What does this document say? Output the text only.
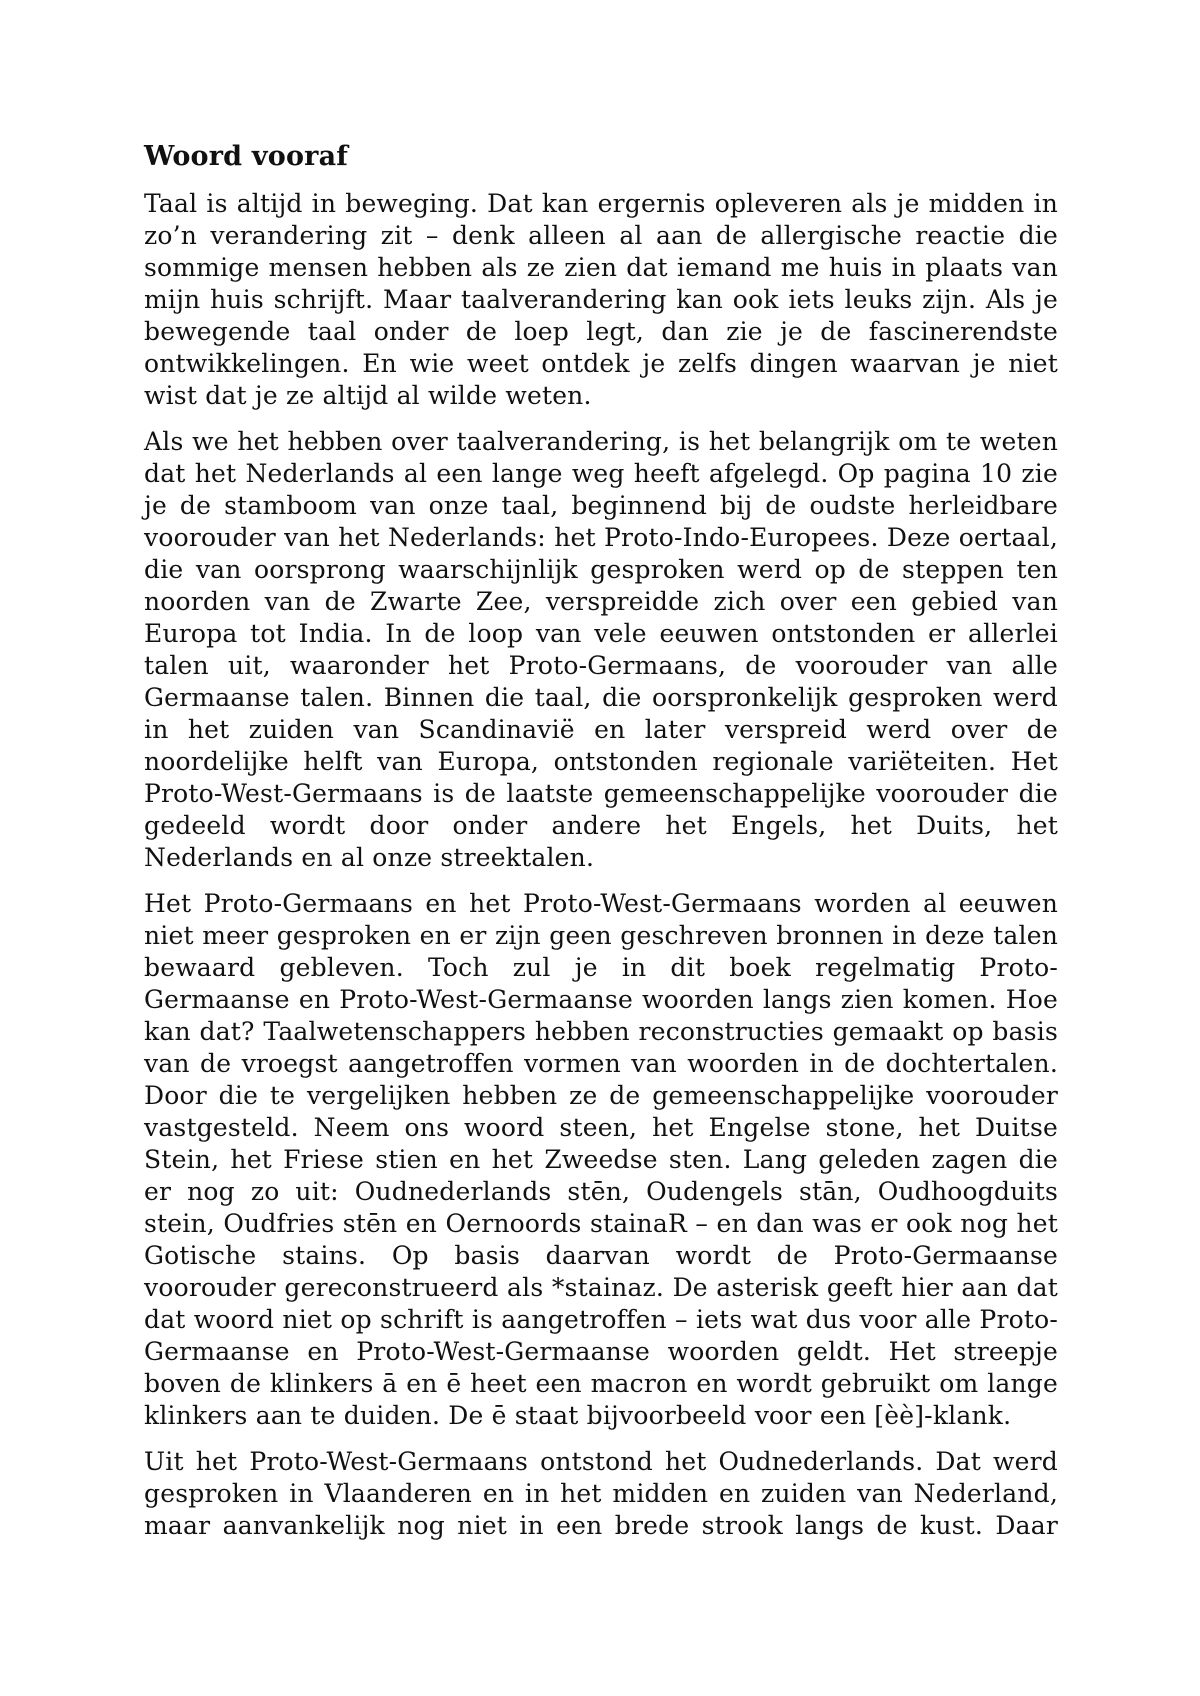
Woord vooraf

Taal is altijd in beweging. Dat kan ergernis opleveren als je midden in zo’n verandering zit – denk alleen al aan de allergische reactie die sommige mensen hebben als ze zien dat iemand me huis in plaats van mijn huis schrijft. Maar taalverandering kan ook iets leuks zijn. Als je bewegende taal onder de loep legt, dan zie je de fascinerendste ontwikkelingen. En wie weet ontdek je zelfs dingen waarvan je niet wist dat je ze altijd al wilde weten.

Als we het hebben over taalverandering, is het belangrijk om te weten dat het Nederlands al een lange weg heeft afgelegd. Op pagina 10 zie je de stamboom van onze taal, beginnend bij de oudste herleidbare voorouder van het Nederlands: het Proto-Indo-Europees. Deze oertaal, die van oorsprong waarschijnlijk gesproken werd op de steppen ten noorden van de Zwarte Zee, verspreidde zich over een gebied van Europa tot India. In de loop van vele eeuwen ontstonden er allerlei talen uit, waaronder het Proto-Germaans, de voorouder van alle Germaanse talen. Binnen die taal, die oorspronkelijk gesproken werd in het zuiden van Scandinavië en later verspreid werd over de noordelijke helft van Europa, ontstonden regionale variëteiten. Het Proto-West-Germaans is de laatste gemeenschappelijke voorouder die gedeeld wordt door onder andere het Engels, het Duits, het Nederlands en al onze streektalen.

Het Proto-Germaans en het Proto-West-Germaans worden al eeuwen niet meer gesproken en er zijn geen geschreven bronnen in deze talen bewaard gebleven. Toch zul je in dit boek regelmatig Proto-Germaanse en Proto-West-Germaanse woorden langs zien komen. Hoe kan dat? Taalwetenschappers hebben reconstructies gemaakt op basis van de vroegst aangetroffen vormen van woorden in de dochtertalen. Door die te vergelijken hebben ze de gemeenschappelijke voorouder vastgesteld. Neem ons woord steen, het Engelse stone, het Duitse Stein, het Friese stien en het Zweedse sten. Lang geleden zagen die er nog zo uit: Oudnederlands stēn, Oudengels stān, Oudhoogduits stein, Oudfries stēn en Oernoords stainaR – en dan was er ook nog het Gotische stains. Op basis daarvan wordt de Proto-Germaanse voorouder gereconstrueerd als *stainaz. De asterisk geeft hier aan dat dat woord niet op schrift is aangetroffen – iets wat dus voor alle Proto-Germaanse en Proto-West-Germaanse woorden geldt. Het streepje boven de klinkers ā en ē heet een macron en wordt gebruikt om lange klinkers aan te duiden. De ē staat bijvoorbeeld voor een [èè]-klank.

Uit het Proto-West-Germaans ontstond het Oudnederlands. Dat werd gesproken in Vlaanderen en in het midden en zuiden van Nederland, maar aanvankelijk nog niet in een brede strook langs de kust. Daar
